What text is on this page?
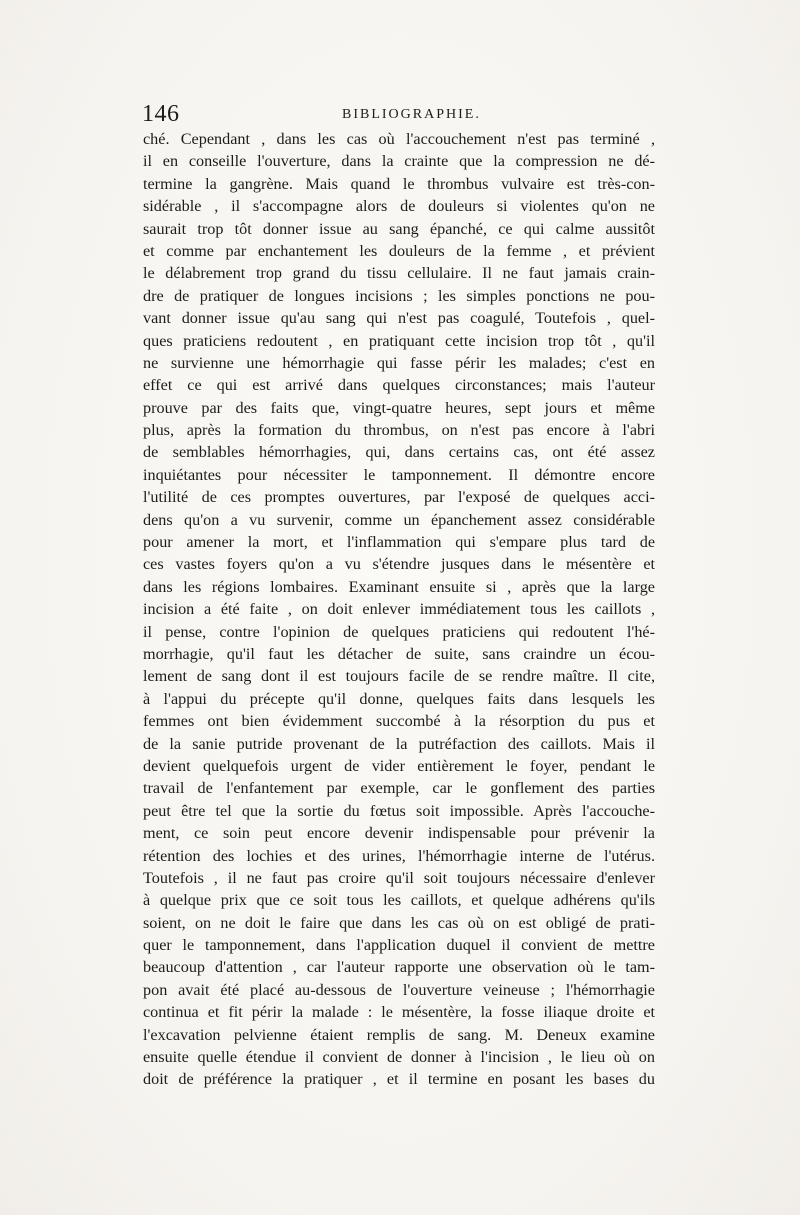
146	BIBLIOGRAPHIE.
ché. Cependant , dans les cas où l'accouchement n'est pas terminé ,
il en conseille l'ouverture, dans la crainte que la compression ne dé-
termine la gangrène. Mais quand le thrombus vulvaire est très-con-
sidérable , il s'accompagne alors de douleurs si violentes qu'on ne
saurait trop tôt donner issue au sang épanché, ce qui calme aussitôt
et comme par enchantement les douleurs de la femme , et prévient
le délabrement trop grand du tissu cellulaire. Il ne faut jamais crain-
dre de pratiquer de longues incisions ; les simples ponctions ne pou-
vant donner issue qu'au sang qui n'est pas coagulé, Toutefois , quel-
ques praticiens redoutent , en pratiquant cette incision trop tôt , qu'il
ne survienne une hémorrhagie qui fasse périr les malades; c'est en
effet ce qui est arrivé dans quelques circonstances; mais l'auteur
prouve par des faits que, vingt-quatre heures, sept jours et même
plus, après la formation du thrombus, on n'est pas encore à l'abri
de semblables hémorrhagies, qui, dans certains cas, ont été assez
inquiétantes pour nécessiter le tamponnement. Il démontre encore
l'utilité de ces promptes ouvertures, par l'exposé de quelques acci-
dens qu'on a vu survenir, comme un épanchement assez considérable
pour amener la mort, et l'inflammation qui s'empare plus tard de
ces vastes foyers qu'on a vu s'étendre jusques dans le mésentère et
dans les régions lombaires. Examinant ensuite si , après que la large
incision a été faite , on doit enlever immédiatement tous les caillots ,
il pense, contre l'opinion de quelques praticiens qui redoutent l'hé-
morrhagie, qu'il faut les détacher de suite, sans craindre un écou-
lement de sang dont il est toujours facile de se rendre maître. Il cite,
à l'appui du précepte qu'il donne, quelques faits dans lesquels les
femmes ont bien évidemment succombé à la résorption du pus et
de la sanie putride provenant de la putréfaction des caillots. Mais il
devient quelquefois urgent de vider entièrement le foyer, pendant le
travail de l'enfantement par exemple, car le gonflement des parties
peut être tel que la sortie du fœtus soit impossible. Après l'accouche-
ment, ce soin peut encore devenir indispensable pour prévenir la
rétention des lochies et des urines, l'hémorrhagie interne de l'utérus.
Toutefois , il ne faut pas croire qu'il soit toujours nécessaire d'enlever
à quelque prix que ce soit tous les caillots, et quelque adhérens qu'ils
soient, on ne doit le faire que dans les cas où on est obligé de prati-
quer le tamponnement, dans l'application duquel il convient de mettre
beaucoup d'attention , car l'auteur rapporte une observation où le tam-
pon avait été placé au-dessous de l'ouverture veineuse ; l'hémorrhagie
continua et fit périr la malade : le mésentère, la fosse iliaque droite et
l'excavation pelvienne étaient remplis de sang. M. Deneux examine
ensuite quelle étendue il convient de donner à l'incision , le lieu où on
doit de préférence la pratiquer , et il termine en posant les bases du
